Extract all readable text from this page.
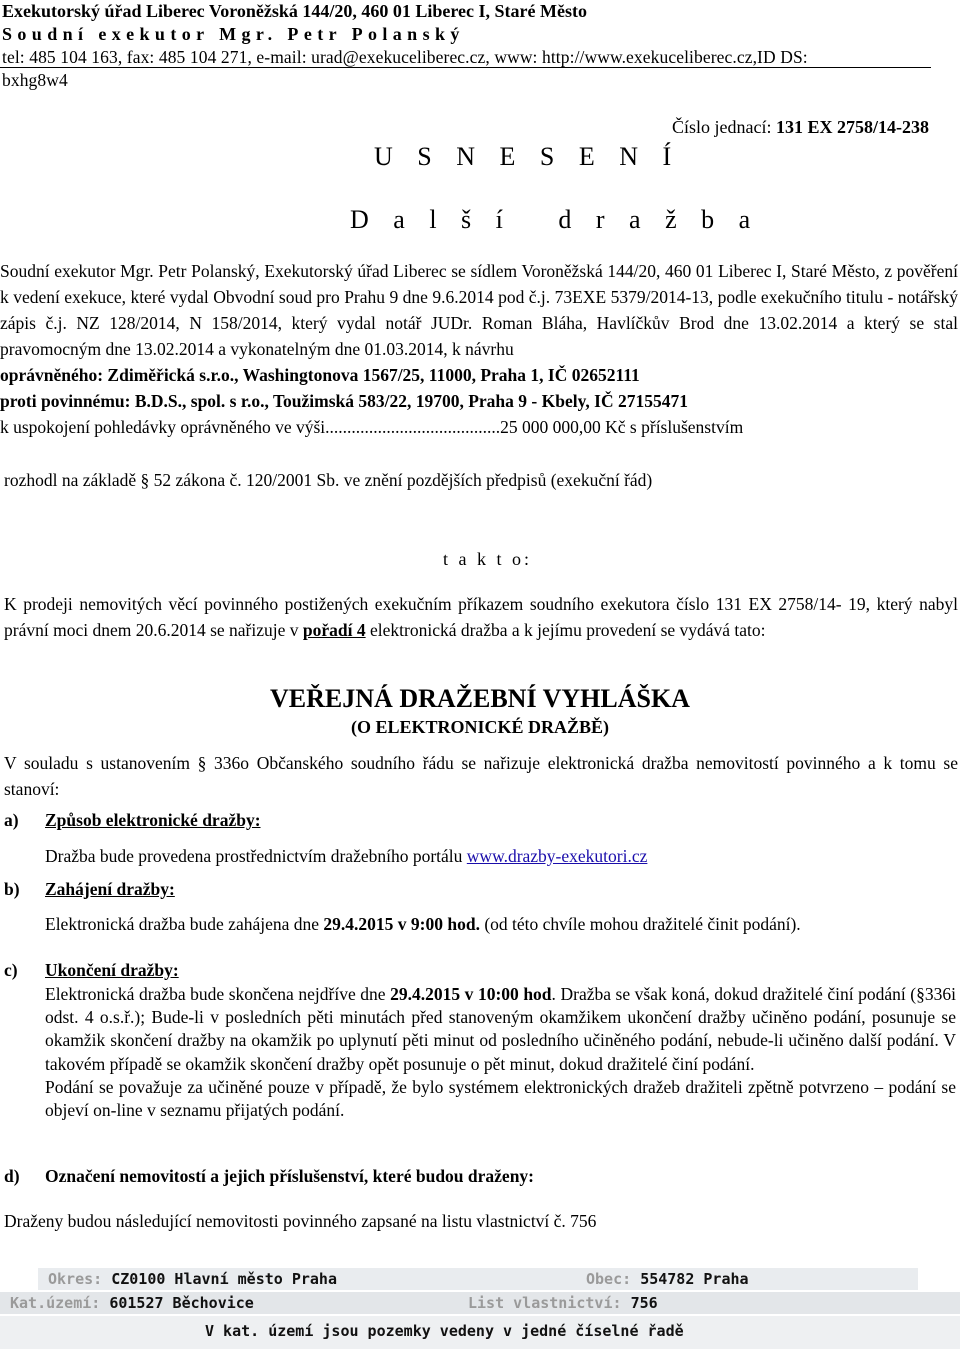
Exekutorský úřad Liberec Voroněžská 144/20, 460 01 Liberec I, Staré Město
Soudní exekutor Mgr. Petr Polanský
tel: 485 104 163, fax: 485 104 271, e-mail: urad@exekuceliberec.cz, www: http://www.exekuceliberec.cz,ID DS:
bxhg8w4
Číslo jednací: 131 EX 2758/14-238
U S N E S E N Í
D a l š í   d r a ž b a
Soudní exekutor Mgr. Petr Polanský, Exekutorský úřad Liberec se sídlem Voroněžská 144/20, 460 01 Liberec I, Staré Město, z pověření k vedení exekuce, které vydal Obvodní soud pro Prahu 9 dne 9.6.2014 pod č.j. 73EXE 5379/2014-13, podle exekučního titulu - notářský zápis č.j. NZ 128/2014, N 158/2014, který vydal notář JUDr. Roman Bláha, Havlíčkův Brod dne 13.02.2014 a který se stal pravomocným dne 13.02.2014 a vykonatelným dne 01.03.2014, k návrhu
oprávněného: Zdiměřická s.r.o., Washingtonova 1567/25, 11000, Praha 1, IČ 02652111
proti povinnému: B.D.S., spol. s r.o., Toužimská 583/22, 19700, Praha 9 - Kbely, IČ 27155471
k uspokojení pohledávky oprávněného ve výši........................................25 000 000,00 Kč s příslušenstvím
rozhodl na základě § 52 zákona č. 120/2001 Sb. ve znění pozdějších předpisů (exekuční řád)
t a k t o:
K prodeji nemovitých věcí povinného postižených exekučním příkazem soudního exekutora číslo 131 EX 2758/14- 19, který nabyl právní moci dnem 20.6.2014 se nařizuje v pořadí 4 elektronická dražba a k jejímu provedení se vydává tato:
VEŘEJNÁ DRAŽEBNÍ VYHLÁŠKA
(O ELEKTRONICKÉ DRAŽBĚ)
V souladu s ustanovením § 336o Občanského soudního řádu se nařizuje elektronická dražba nemovitostí povinného a k tomu se stanoví:
a) Způsob elektronické dražby:
Dražba bude provedena prostřednictvím dražebního portálu www.drazby-exekutori.cz
b) Zahájení dražby:
Elektronická dražba bude zahájena dne 29.4.2015 v 9:00 hod. (od této chvíle mohou dražitelé činit podání).
c) Ukončení dražby:
Elektronická dražba bude skončena nejdříve dne 29.4.2015 v 10:00 hod. Dražba se však koná, dokud dražitelé činí podání (§336i odst. 4 o.s.ř.); Bude-li v posledních pěti minutách před stanoveným okamžikem ukončení dražby učiněno podání, posunuje se okamžik skončení dražby na okamžik po uplynutí pěti minut od posledního učiněného podání, nebude-li učiněno další podání. V takovém případě se okamžik skončení dražby opět posunuje o pět minut, dokud dražitelé činí podání.
Podání se považuje za učiněné pouze v případě, že bylo systémem elektronických dražeb dražiteli zpětně potvrzeno – podání se objeví on-line v seznamu přijatých podání.
d) Označení nemovitostí a jejich příslušenství, které budou draženy:
Draženy budou následující nemovitosti povinného zapsané na listu vlastnictví č. 756
Okres: CZ0100 Hlavní město Praha	Obec: 554782 Praha
Kat.území: 601527 Běchovice	List vlastnictví: 756
V kat. území jsou pozemky vedeny v jedné číselné řadě
